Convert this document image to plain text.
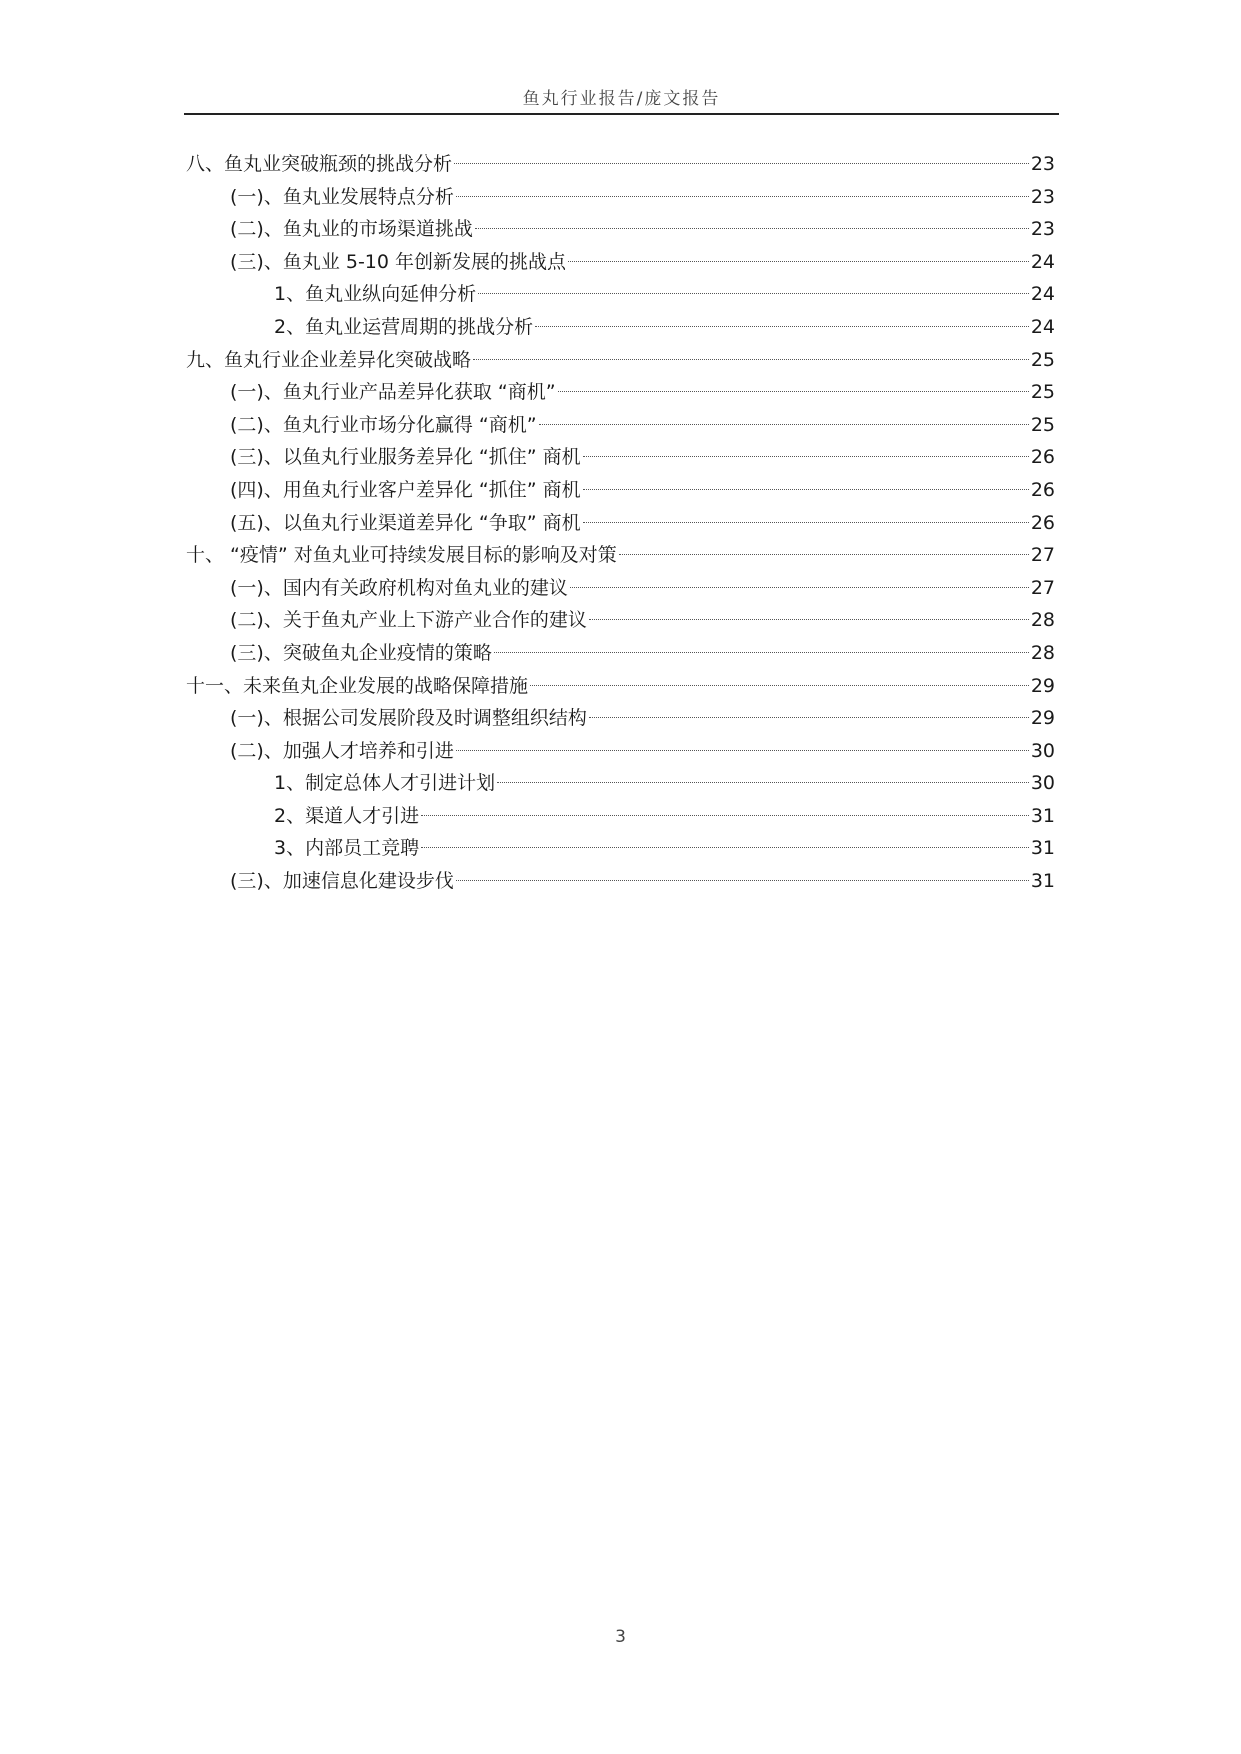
鱼丸行业报告/庞文报告
八、鱼丸业突破瓶颈的挑战分析	23
(一)、鱼丸业发展特点分析	23
(二)、鱼丸业的市场渠道挑战	23
(三)、鱼丸业 5-10 年创新发展的挑战点	24
1、鱼丸业纵向延伸分析	24
2、鱼丸业运营周期的挑战分析	24
九、鱼丸行业企业差异化突破战略	25
(一)、鱼丸行业产品差异化获取 “商机”	25
(二)、鱼丸行业市场分化赢得 “商机”	25
(三)、以鱼丸行业服务差异化 “抓住” 商机	26
(四)、用鱼丸行业客户差异化 “抓住” 商机	26
(五)、以鱼丸行业渠道差异化 “争取” 商机	26
十、 “疫情” 对鱼丸业可持续发展目标的影响及对策	27
(一)、国内有关政府机构对鱼丸业的建议	27
(二)、关于鱼丸产业上下游产业合作的建议	28
(三)、突破鱼丸企业疫情的策略	28
十一、未来鱼丸企业发展的战略保障措施	29
(一)、根据公司发展阶段及时调整组织结构	29
(二)、加强人才培养和引进	30
1、制定总体人才引进计划	30
2、渠道人才引进	31
3、内部员工竞聘	31
(三)、加速信息化建设步伐	31
3
